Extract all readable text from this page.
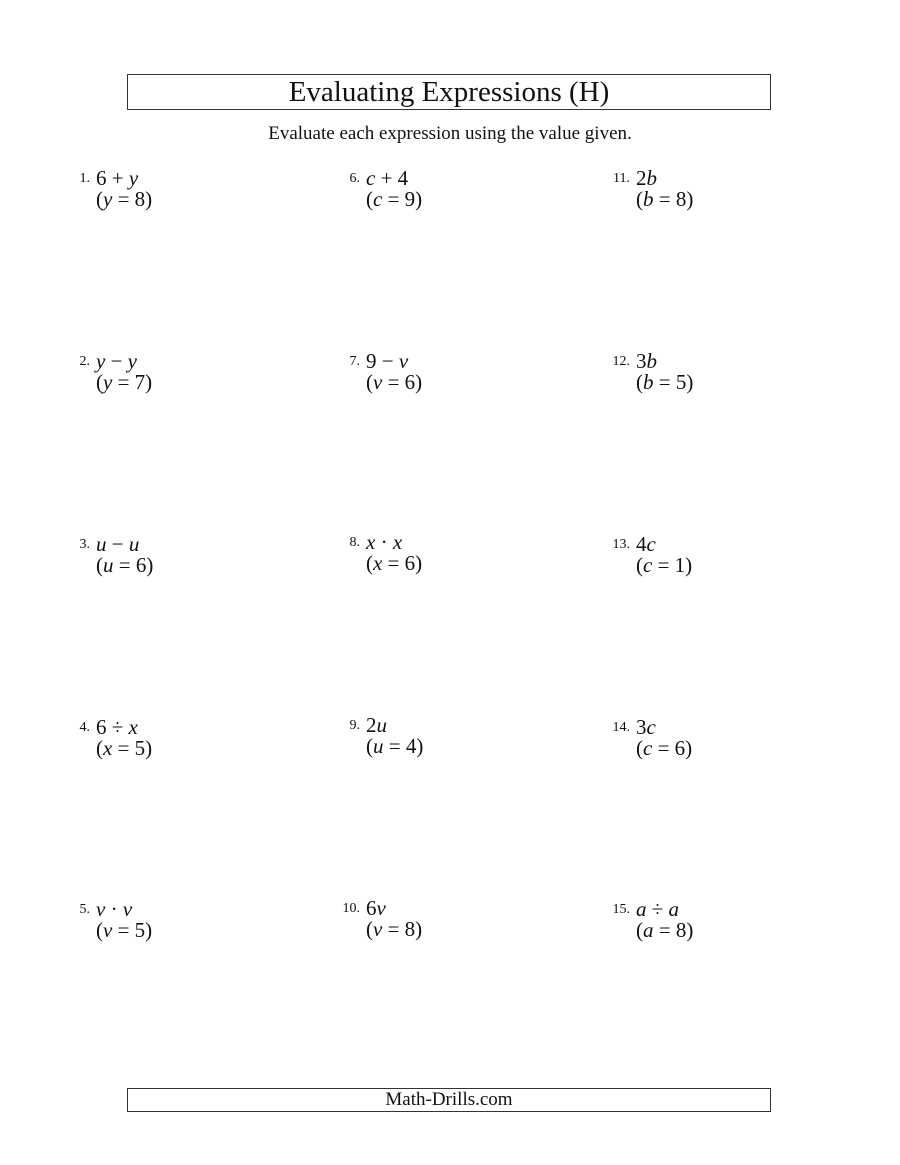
Evaluating Expressions (H)
Evaluate each expression using the value given.
1. 6 + y
(y = 8)
2. y − y
(y = 7)
3. u − u
(u = 6)
4. 6 ÷ x
(x = 5)
5. v · v
(v = 5)
6. c + 4
(c = 9)
7. 9 − v
(v = 6)
8. x · x
(x = 6)
9. 2u
(u = 4)
10. 6v
(v = 8)
11. 2b
(b = 8)
12. 3b
(b = 5)
13. 4c
(c = 1)
14. 3c
(c = 6)
15. a ÷ a
(a = 8)
Math-Drills.com
